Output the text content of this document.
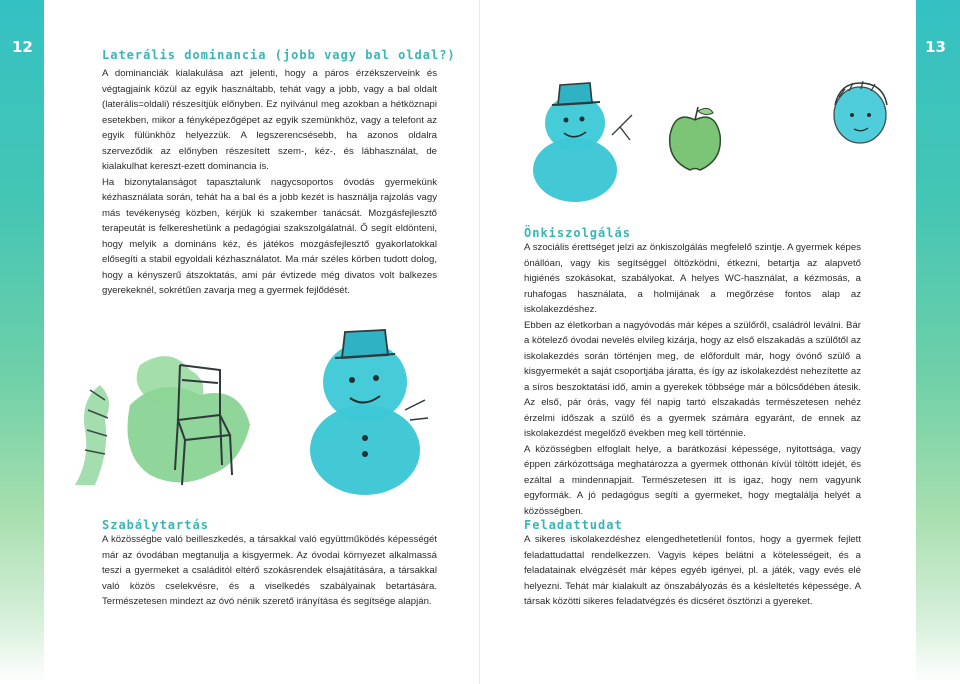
12	Laterális dominancia (jobb vagy bal oldal?)

A dominanciák kialakulása azt jelenti, hogy a páros érzékszerveink és végtagjaink közül az egyik használtabb, tehát vagy a jobb, vagy a bal oldalt (laterális=oldali) részesítjük előnyben. Ez nyilvánul meg azokban a hétköznapi esetekben, mikor a fényképezőgépet az egyik szemünkhöz, vagy a telefont az egyik fülünkhöz helyezzük. A legszerencsésebb, ha azonos oldalra szerveződik az előnyben részesített szem-, kéz-, és lábhasználat, de kialakulhat kereszt-ezett dominancia is.

Ha bizonytalanságot tapasztalunk nagycsoportos óvodás gyermekünk kézhasználata során, tehát ha a bal és a jobb kezét is használja rajzolás vagy más tevékenység közben, kérjük ki szakember tanácsát. Mozgásfejlesztő terapeutát is felkereshetünk a pedagógiai szakszolgálatnál. Ő segít eldönteni, hogy melyik a domináns kéz, és játékos mozgásfejlesztő gyakorlatokkal elősegíti a stabil egyoldali kézhasználatot. Ma már széles körben tudott dolog, hogy a kényszerű átszoktatás, ami pár évtizede még divatos volt balkezes gyerekeknél, sokrétűen zavarja meg a gyermek fejlődését.

Szabálytartás

A közösségbe való beilleszkedés, a társakkal való együttműködés képességét már az óvodában megtanulja a kisgyermek. Az óvodai környezet alkalmassá teszi a gyermeket a családitól eltérő szokásrendek elsajátítására, a társakkal való közös cselekvésre, és a viselkedés szabályainak betartására. Természetesen mindezt az óvó nénik szerető irányítása és segítsége alapján.

13
Önkiszolgálás

A szociális érettséget jelzi az önkiszolgálás megfelelő szintje. A gyermek képes önállóan, vagy kis segítséggel öltözködni, étkezni, betartja az alapvető higiénés szokásokat, szabályokat. A helyes WC-használat, a kézmosás, a ruhafogas használata, a holmijának a megőrzése fontos alap az iskolakezdéshez.

Ebben az életkorban a nagyóvodás már képes a szülőről, családról leválni. Bár a kötelező óvodai nevelés elvileg kizárja, hogy az első elszakadás a szülőtől az iskolakezdés során történjen meg, de előfordult már, hogy óvónő szülő a kisgyermekét a saját csoportjába járatta, és így az iskolakezdést nehezítette az a síros beszoktatási idő, amin a gyerekek többsége már a bölcsődében átesik. Az első, pár órás, vagy fél napig tartó elszakadás természetesen nehéz érzelmi időszak a szülő és a gyermek számára egyaránt, de ennek az iskolakezdést megelőző években meg kell történnie.

A közösségben elfoglalt helye, a barátkozási képessége, nyitottsága, vagy éppen zárkózottsága meghatározza a gyermek otthonán kívül töltött idejét, és ezáltal a mindennapjait. Természetesen itt is igaz, hogy nem vagyunk egyformák. A jó pedagógus segíti a gyermeket, hogy megtalálja helyét a közösségben.

Feladattudat

A sikeres iskolakezdéshez elengedhetetlenül fontos, hogy a gyermek fejlett feladattudattal rendelkezzen. Vagyis képes belátni a kötelességeit, és a feladatainak elvégzését már képes egyéb igényei, pl. a játék, vagy evés elé helyezni. Tehát már kialakult az önszabályozás és a késleltetés képessége. A társak közötti sikeres feladatvégzés és dicséret ösztönzi a gyereket.
